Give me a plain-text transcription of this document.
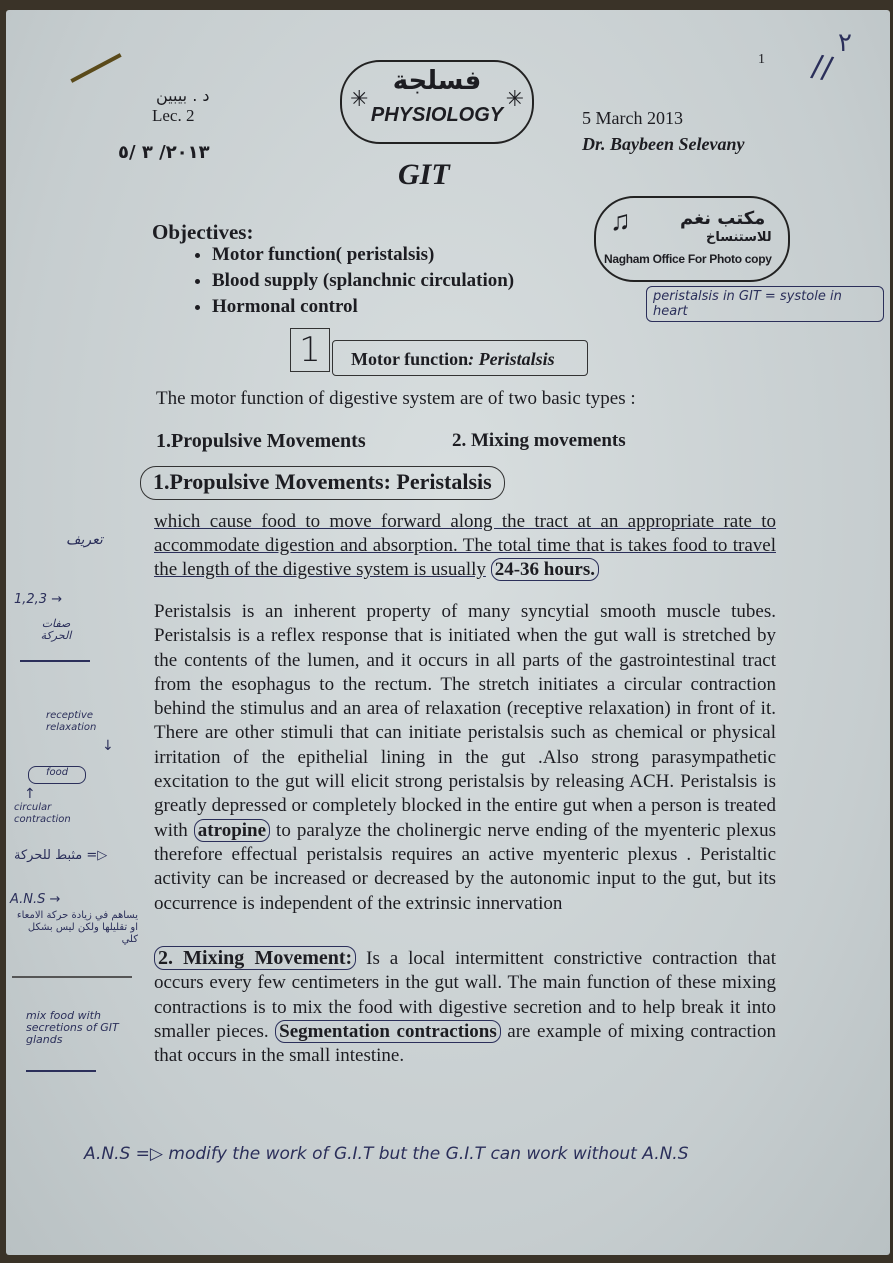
د . بيبين
Lec. 2
٢٠١٣/ ٣ /٥
✳
فسلجة
PHYSIOLOGY
✳
1
٢
//
5 March 2013
Dr. Baybeen Selevany
GIT
♫	مكتب نغم
للاستنساخ
Nagham Office For Photo copy
Objectives:
• Motor function( peristalsis)
• Blood supply (splanchnic circulation)
• Hormonal control	peristalsis in GIT = systole in heart
1	Motor function: Peristalsis
The motor function of digestive system are of two basic types :
1.Propulsive Movements	2. Mixing movements
1.Propulsive Movements: Peristalsis
which cause food to move forward along the tract at an appropriate rate to accommodate digestion and absorption. The total time that is takes food to travel the length of the digestive system is usually 24-36 hours.
Peristalsis is an inherent property of many syncytial smooth muscle tubes. Peristalsis is a reflex response that is initiated when the gut wall is stretched by the contents of the lumen, and it occurs in all parts of the gastrointestinal tract from the esophagus to the rectum. The stretch initiates a circular contraction behind the stimulus and an area of relaxation (receptive relaxation) in front of it. There are other stimuli that can initiate peristalsis such as chemical or physical irritation of the epithelial lining in the gut .Also strong parasympathetic excitation to the gut will elicit strong peristalsis by releasing ACH. Peristalsis is greatly depressed or completely blocked in the entire gut when a person is treated with atropine to paralyze the cholinergic nerve ending of the myenteric plexus therefore effectual peristalsis requires an active myenteric plexus . Peristaltic activity can be increased or decreased by the autonomic input to the gut, but its occurrence is independent of the extrinsic innervation
2. Mixing Movement: Is a local intermittent constrictive contraction that occurs every few centimeters in the gut wall. The main function of these mixing contractions is to mix the food with digestive secretion and to help break it into smaller pieces. Segmentation contractions are example of mixing contraction that occurs in the small intestine.
تعريف
1,2,3 →
صفات الحركة
receptive relaxation
↓
food
↑
circular contraction
مثبط للحركة =▷
A.N.S →
يساهم في زيادة حركة الامعاء او تقليلها ولكن ليس بشكل كلي
mix food with secretions of GIT glands
A.N.S =▷ modify the work of G.I.T but the G.I.T can work without A.N.S
